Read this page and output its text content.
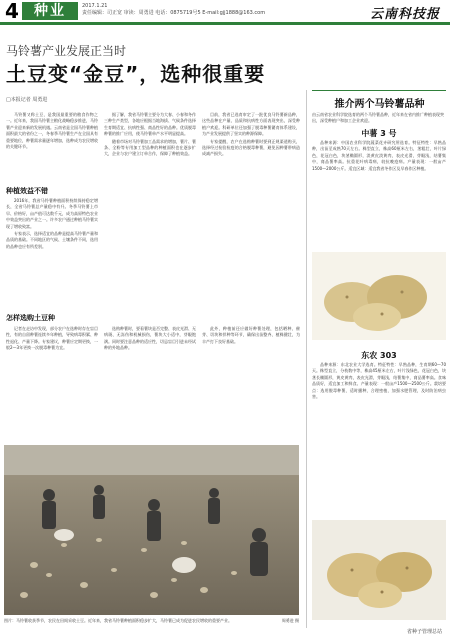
4	种业	2017.1.21
责任编辑：司正宽 审读：周勇进 电话：0875719号5 E-mail:gjj1888@163.com	云南科技报
马铃薯产业发展正当时
土豆变“金豆”，选种很重要
□本报记者 周勇进

马铃薯又称土豆，是我国最重要的粮食作物之一。近年来，我国马铃薯主粮化战略稳步推进，马铃薯产业迎来新的发展机遇。云南省是全国马铃薯种植面积最大的省份之一，冬春季马铃薯生产在全国具有重要地位，种薯需求量逐年增加，选种成为农民增收的关键环节。

种植效益不错

2016年，我省马铃薯种植面积持续保持稳定增长，全省马铃薯总产量稳中有升。冬季马铃薯上市早、价格好，亩产值可达数千元，成为高原特色农业中效益突出的产业之一。许多农户通过种植马铃薯实现了增收致富。

专家表示，选择适宜的品种是提高马铃薯产量和品质的基础。不同地区的气候、土壤条件不同，选用的品种也应有所差别。

据了解，我省马铃薯主要分为大春、小春和冬作三种生产类型，各地应根据当地海拔、气候条件选择生育期适宜、抗病性强、商品性好的品种。优质脱毒种薯的推广应用，使马铃薯单产水平明显提高。

随着市场对马铃薯加工品需求的增加，薯片、薯条、全粉等专用加工型品种的种植面积也在逐步扩大，企业与农户建立订单合作，保障了种植效益。

目前，我省已选育审定了一批优良马铃薯新品种，这些品种在产量、品质和抗病性方面表现突出，深受种植户欢迎。科研单位还加强了脱毒种薯繁育体系建设，为产业发展提供了坚实的种源保障。

专家提醒，农户在选购种薯时要到正规渠道购买，选择经过检验检疫的合格脱毒种薯，避免因种薯带病造成减产损失。

怎样选购土豆种

记者在走访中发现，部分农户在选种时存在盲目性，有的自留种薯连续多年种植，导致病毒积累、种性退化、产量下降。专家建议，种薯应定期更换，一般2—3年更换一次脱毒种薯为宜。

选购种薯时，要看薯块是否完整、表皮光滑、无病斑、无冻伤和机械损伤，薯块大小适中，芽眼饱满。同时要注意品种的适应性，切忌盲目引进未经试种的外地品种。

此外，种植前还应做好种薯处理，包括晒种、催芽、切块和拌种等环节，确保出苗整齐、植株健壮，为丰产打下良好基础。

图片：马铃薯收获季节，农民在田间采收土豆。近年来，我省马铃薯种植面积稳步扩大，马铃薯已成为促进农民增收的重要产业。	周勇进 摄
推介两个马铃薯品种
由云南省农业科学院选育的两个马铃薯品种，近年来在省内推广种植表现突出，深受种植户和加工企业欢迎。
中薯 3 号

品种来源：中国农业科学院蔬菜花卉研究所选育。特征特性：早熟品种，出苗至成熟70天左右。株型直立，株高60厘米左右，茎粗壮，叶片绿色，花冠白色，块茎椭圆形，淡黄皮淡黄肉，表皮光滑，芽眼浅，结薯集中，商品薯率高。抗重花叶病毒病，较抗晚疫病。产量表现：一般亩产1500—2000公斤。适宜区域：适宜我省冬作区及早春作区种植。

东农 303

品种来源：东北农业大学选育。特征特性：早熟品种，生育期60—70天。株型直立，分枝数中等，株高45厘米左右，叶片浅绿色，花冠白色，块茎长椭圆形，黄皮黄肉，表皮光滑，芽眼浅，结薯集中，商品薯率高。食味品质好，适宜加工和鲜食。产量表现：一般亩产1500—2500公斤。栽培要点：选用脱毒种薯，适时播种，合理密植，加强水肥管理，及时防治病虫害。

省种子管理总站
